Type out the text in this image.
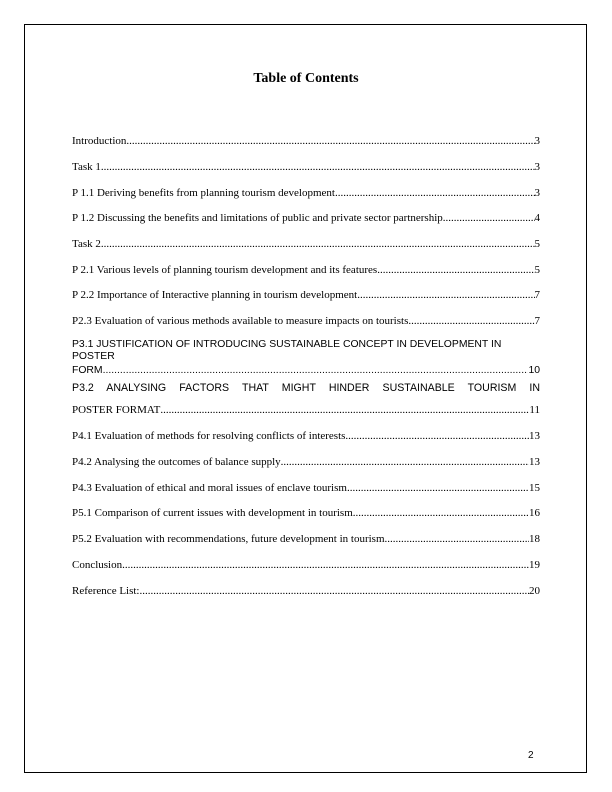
Table of Contents
Introduction .....	3
Task 1 .....	3
P 1.1 Deriving benefits from planning tourism development .....	3
P 1.2 Discussing the benefits and limitations of public and private sector partnership .....	4
Task 2 .....	5
P 2.1 Various levels of planning tourism development and its features .....	5
P 2.2 Importance of Interactive planning in tourism development .....	7
P2.3 Evaluation of various methods available to measure impacts on tourists .....	7
P3.1 JUSTIFICATION OF INTRODUCING SUSTAINABLE CONCEPT IN DEVELOPMENT IN
POSTER
FORM .....	10
P3.2 ANALYSING FACTORS THAT MIGHT HINDER SUSTAINABLE TOURISM IN
POSTER FORMAT .....	11
P4.1 Evaluation of methods for resolving conflicts of interests .....	13
P4.2 Analysing the outcomes of balance supply .....	13
P4.3 Evaluation of ethical and moral issues of enclave tourism .....	15
P5.1 Comparison of current issues with development in tourism .....	16
P5.2 Evaluation with recommendations, future development in tourism .....	18
Conclusion .....	19
Reference List: .....	20
2
